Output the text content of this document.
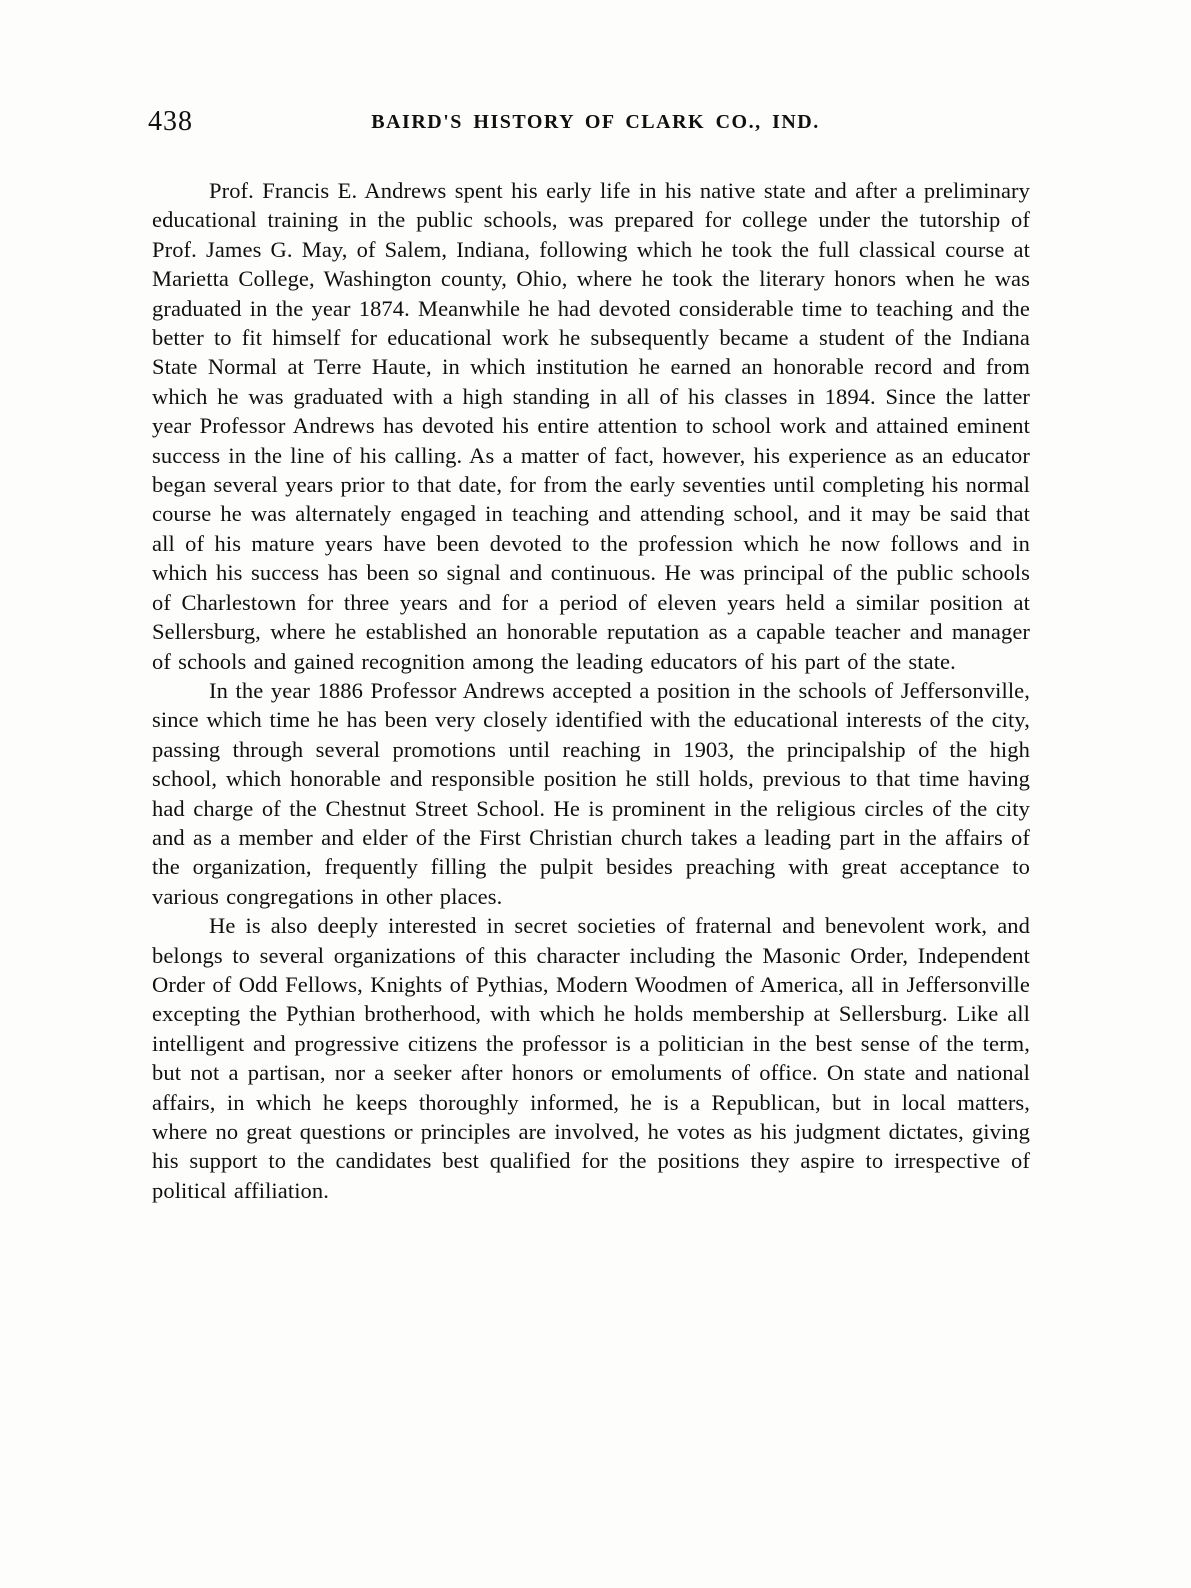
438	BAIRD'S HISTORY OF CLARK CO., IND.

Prof. Francis E. Andrews spent his early life in his native state and after a preliminary educational training in the public schools, was prepared for college under the tutorship of Prof. James G. May, of Salem, Indiana, following which he took the full classical course at Marietta College, Washington county, Ohio, where he took the literary honors when he was graduated in the year 1874. Meanwhile he had devoted considerable time to teaching and the better to fit himself for educational work he subsequently became a student of the Indiana State Normal at Terre Haute, in which institution he earned an honorable record and from which he was graduated with a high standing in all of his classes in 1894. Since the latter year Professor Andrews has devoted his entire attention to school work and attained eminent success in the line of his calling. As a matter of fact, however, his experience as an educator began several years prior to that date, for from the early seventies until completing his normal course he was alternately engaged in teaching and attending school, and it may be said that all of his mature years have been devoted to the profession which he now follows and in which his success has been so signal and continuous. He was principal of the public schools of Charlestown for three years and for a period of eleven years held a similar position at Sellersburg, where he established an honorable reputation as a capable teacher and manager of schools and gained recognition among the leading educators of his part of the state.

In the year 1886 Professor Andrews accepted a position in the schools of Jeffersonville, since which time he has been very closely identified with the educational interests of the city, passing through several promotions until reaching in 1903, the principalship of the high school, which honorable and responsible position he still holds, previous to that time having had charge of the Chestnut Street School. He is prominent in the religious circles of the city and as a member and elder of the First Christian church takes a leading part in the affairs of the organization, frequently filling the pulpit besides preaching with great acceptance to various congregations in other places.

He is also deeply interested in secret societies of fraternal and benevolent work, and belongs to several organizations of this character including the Masonic Order, Independent Order of Odd Fellows, Knights of Pythias, Modern Woodmen of America, all in Jeffersonville excepting the Pythian brotherhood, with which he holds membership at Sellersburg. Like all intelligent and progressive citizens the professor is a politician in the best sense of the term, but not a partisan, nor a seeker after honors or emoluments of office. On state and national affairs, in which he keeps thoroughly informed, he is a Republican, but in local matters, where no great questions or principles are involved, he votes as his judgment dictates, giving his support to the candidates best qualified for the positions they aspire to irrespective of political affiliation.
